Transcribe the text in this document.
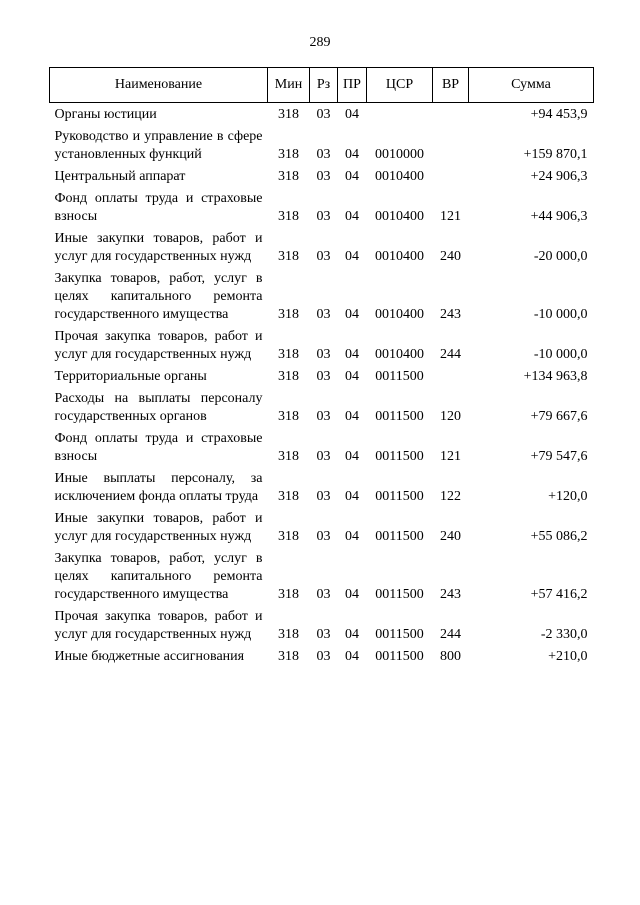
289
Наименование	Мин	Рз	ПР	ЦСР	ВР	Сумма
Органы юстиции	318	03	04			+94 453,9
Руководство и управление в сфере установленных функций	318	03	04	0010000		+159 870,1
Центральный аппарат	318	03	04	0010400		+24 906,3
Фонд оплаты труда и страховые взносы	318	03	04	0010400	121	+44 906,3
Иные закупки товаров, работ и услуг для государственных нужд	318	03	04	0010400	240	-20 000,0
Закупка товаров, работ, услуг в целях капитального ремонта государственного имущества	318	03	04	0010400	243	-10 000,0
Прочая закупка товаров, работ и услуг для государственных нужд	318	03	04	0010400	244	-10 000,0
Территориальные органы	318	03	04	0011500		+134 963,8
Расходы на выплаты персоналу государственных органов	318	03	04	0011500	120	+79 667,6
Фонд оплаты труда и страховые взносы	318	03	04	0011500	121	+79 547,6
Иные выплаты персоналу, за исключением фонда оплаты труда	318	03	04	0011500	122	+120,0
Иные закупки товаров, работ и услуг для государственных нужд	318	03	04	0011500	240	+55 086,2
Закупка товаров, работ, услуг в целях капитального ремонта государственного имущества	318	03	04	0011500	243	+57 416,2
Прочая закупка товаров, работ и услуг для государственных нужд	318	03	04	0011500	244	-2 330,0
Иные бюджетные ассигнования	318	03	04	0011500	800	+210,0
